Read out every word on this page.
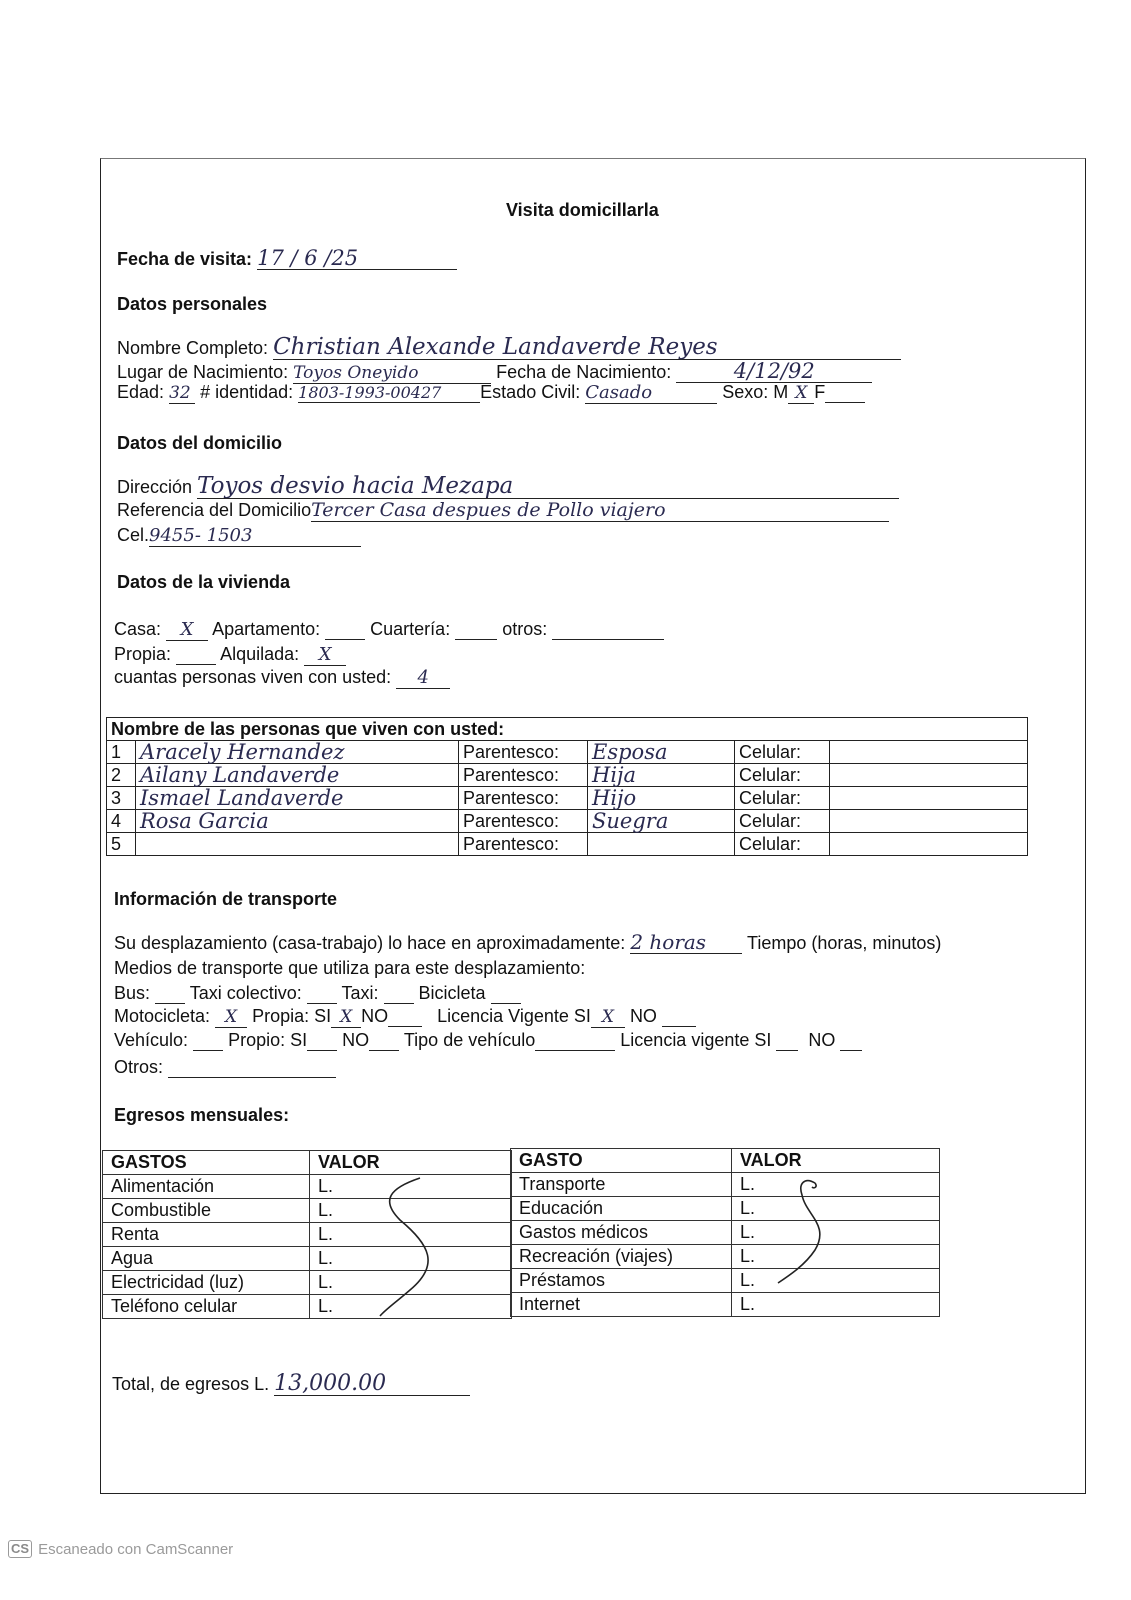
Visita domicillarla
Fecha de visita: 17 / 6 /25
Datos personales
Nombre Completo: Christian Alexande Landaverde Reyes
Lugar de Nacimiento: Toyos Oneyido	Fecha de Nacimiento:	4/12/92
Edad: 32 # identidad: 1803-1993-00427 Estado Civil: Casado	Sexo: M X F
Datos del domicilio
Dirección Toyos desvio hacia Mezapa
Referencia del DomicilioTercer Casa despues de Pollo viajero
Cel.9455- 1503
Datos de la vivienda
Casa: X Apartamento:	Cuartería:	otros:
Propia:	Alquilada: X
cuantas personas viven con usted: 4
Nombre de las personas que viven con usted:				
1	Aracely Hernandez	Parentesco:	Esposa	Celular:

2	Ailany Landaverde	Parentesco:	Hija	Celular:

3	Ismael Landaverde	Parentesco:	Hijo	Celular:

4	Rosa Garcia	Parentesco:	Suegra	Celular:

5		Parentesco:		Celular:
Información de transporte
Su desplazamiento (casa-trabajo) lo hace en aproximadamente: 2 horas Tiempo (horas, minutos)
Medios de transporte que utiliza para este desplazamiento:
Bus: Taxi colectivo: Taxi: Bicicleta
Motocicleta: X Propia: SI X NO	Licencia Vigente SI X NO
Vehículo: Propio: SI NO Tipo de vehículo	Licencia vigente SI NO
Otros:
Egresos mensuales:
GASTOS	VALOR
Alimentación	L.
Combustible	L.
Renta	L.
Agua	L.
Electricidad (luz)	L.
Teléfono celular	L.
GASTO	VALOR
Transporte	L.
Educación	L.
Gastos médicos	L.
Recreación (viajes)	L.
Préstamos	L.
Internet	L.
Total, de egresos L. 13,000.00
CS Escaneado con CamScanner
